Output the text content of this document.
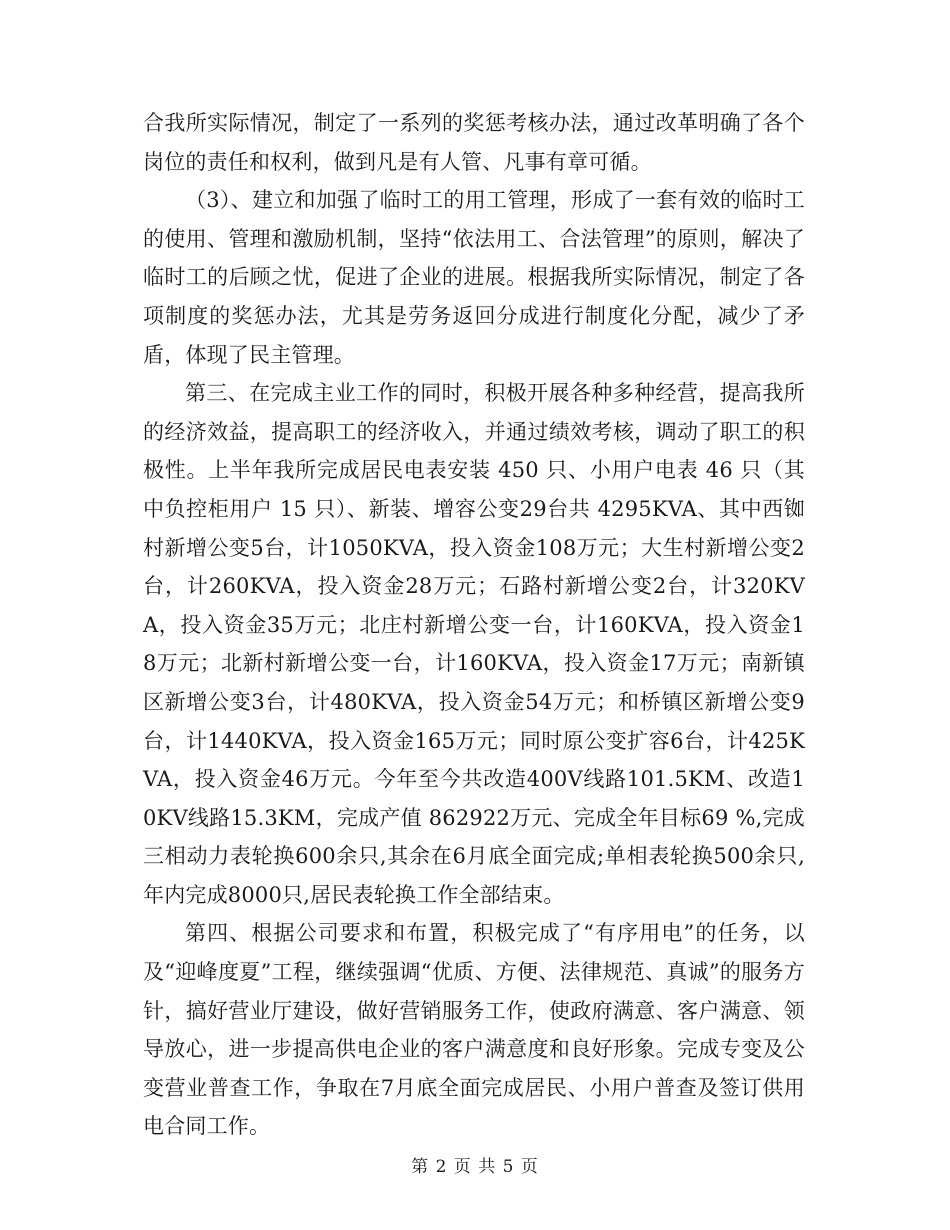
合我所实际情况，制定了一系列的奖惩考核办法，通过改革明确了各个岗位的责任和权利，做到凡是有人管、凡事有章可循。

（3）、建立和加强了临时工的用工管理，形成了一套有效的临时工的使用、管理和激励机制，坚持“依法用工、合法管理”的原则，解决了临时工的后顾之忧，促进了企业的进展。根据我所实际情况，制定了各项制度的奖惩办法，尤其是劳务返回分成进行制度化分配，减少了矛盾，体现了民主管理。

第三、在完成主业工作的同时，积极开展各种多种经营，提高我所的经济效益，提高职工的经济收入，并通过绩效考核，调动了职工的积极性。上半年我所完成居民电表安装 450 只、小用户电表 46 只（其中负控柜用户 15 只）、新装、增容公变29台共 4295KVA、其中西铷村新增公变5台，计1050KVA，投入资金108万元；大生村新增公变2台，计260KVA，投入资金28万元；石路村新增公变2台，计320KVA，投入资金35万元；北庄村新增公变一台，计160KVA，投入资金18万元；北新村新增公变一台，计160KVA，投入资金17万元；南新镇区新增公变3台，计480KVA，投入资金54万元；和桥镇区新增公变9台，计1440KVA，投入资金165万元；同时原公变扩容6台，计425KVA，投入资金46万元。今年至今共改造400V线路101.5KM、改造10KV线路15.3KM，完成产值 862922万元、完成全年目标69 %,完成三相动力表轮换600余只,其余在6月底全面完成;单相表轮换500余只,年内完成8000只,居民表轮换工作全部结束。

第四、根据公司要求和布置，积极完成了“有序用电”的任务，以及“迎峰度夏”工程，继续强调“优质、方便、法律规范、真诚”的服务方针，搞好营业厅建设，做好营销服务工作，使政府满意、客户满意、领导放心，进一步提高供电企业的客户满意度和良好形象。完成专变及公变营业普查工作，争取在7月底全面完成居民、小用户普查及签订供用电合同工作。

第 2 页 共 5 页
